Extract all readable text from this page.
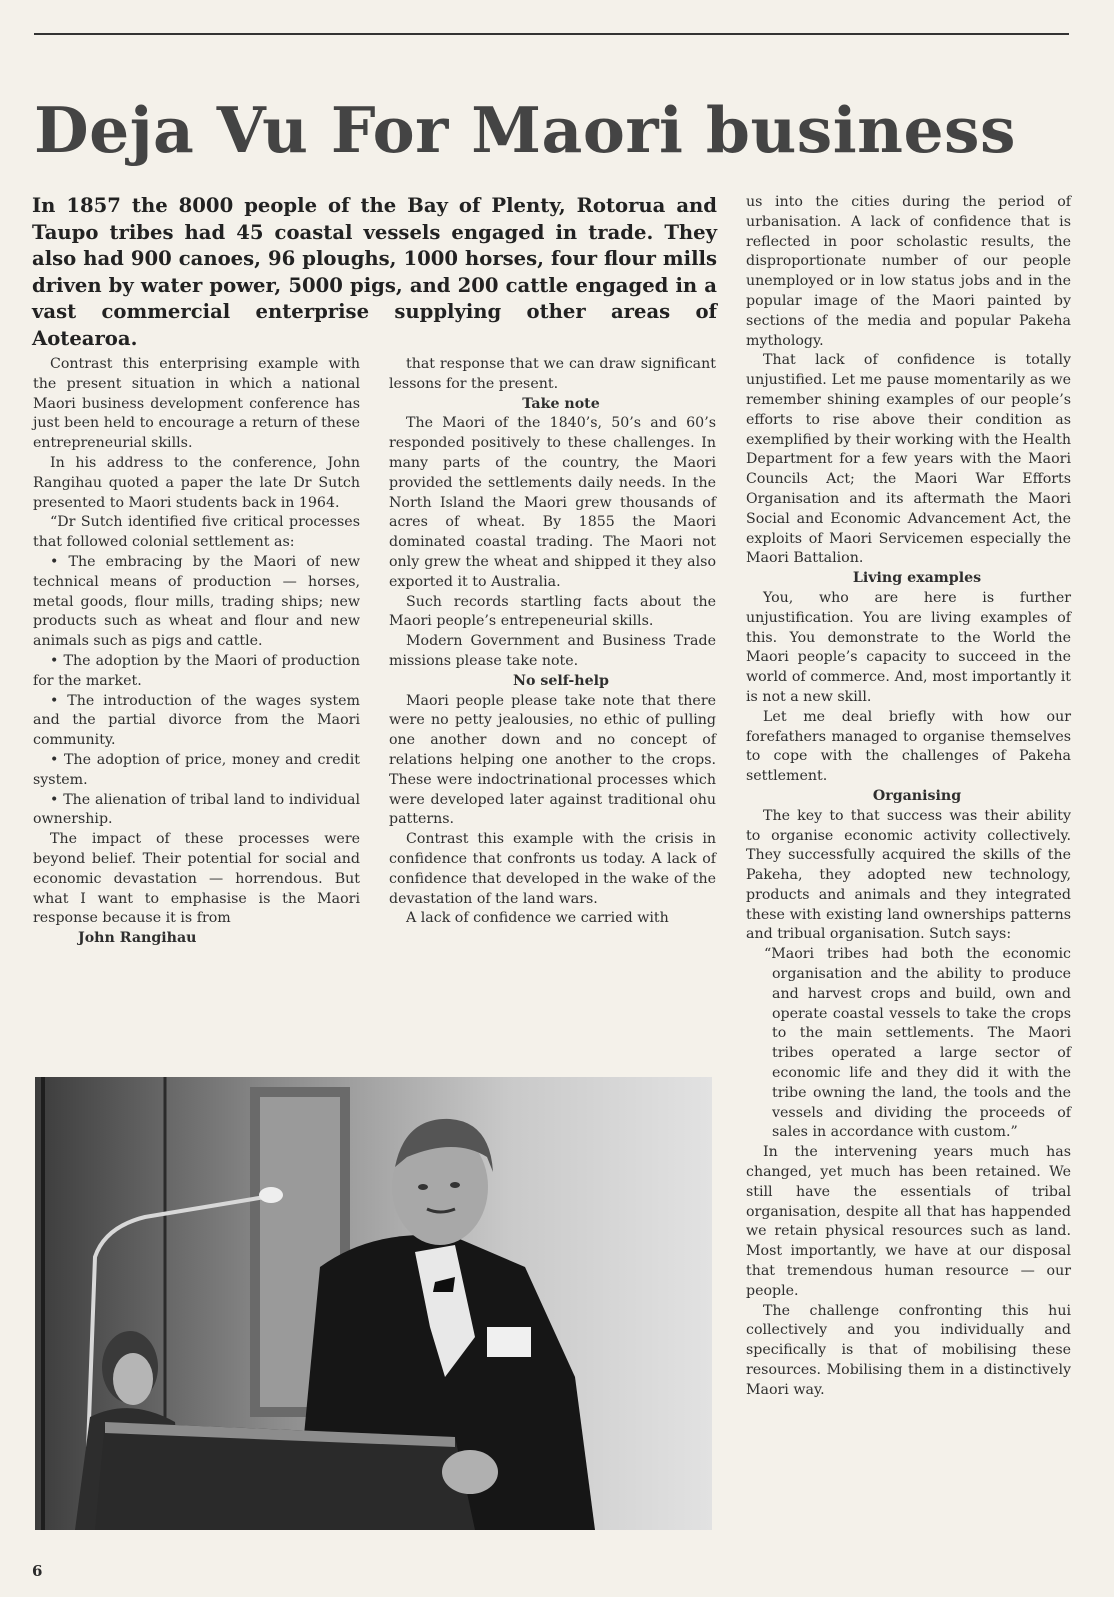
Deja Vu For Maori business

In 1857 the 8000 people of the Bay of Plenty, Rotorua and Taupo tribes had 45 coastal vessels engaged in trade. They also had 900 canoes, 96 ploughs, 1000 horses, four flour mills driven by water power, 5000 pigs, and 200 cattle engaged in a vast commercial enterprise supplying other areas of Aotearoa.

Contrast this enterprising example with the present situation in which a national Maori business development conference has just been held to encourage a return of these entrepreneurial skills.

In his address to the conference, John Rangihau quoted a paper the late Dr Sutch presented to Maori students back in 1964.

“Dr Sutch identified five critical processes that followed colonial settlement as:

• The embracing by the Maori of new technical means of production — horses, metal goods, flour mills, trading ships; new products such as wheat and flour and new animals such as pigs and cattle.

• The adoption by the Maori of production for the market.

• The introduction of the wages system and the partial divorce from the Maori community.

• The adoption of price, money and credit system.

• The alienation of tribal land to individual ownership.

The impact of these processes were beyond belief. Their potential for social and economic devastation — horrendous. But what I want to emphasise is the Maori response because it is from

John Rangihau

that response that we can draw significant lessons for the present.

Take note

The Maori of the 1840’s, 50’s and 60’s responded positively to these challenges. In many parts of the country, the Maori provided the settlements daily needs. In the North Island the Maori grew thousands of acres of wheat. By 1855 the Maori dominated coastal trading. The Maori not only grew the wheat and shipped it they also exported it to Australia.

Such records startling facts about the Maori people’s entrepeneurial skills.

Modern Government and Business Trade missions please take note.

No self-help

Maori people please take note that there were no petty jealousies, no ethic of pulling one another down and no concept of relations helping one another to the crops. These were indoctrinational processes which were developed later against traditional ohu patterns.

Contrast this example with the crisis in confidence that confronts us today. A lack of confidence that developed in the wake of the devastation of the land wars.

A lack of confidence we carried with

us into the cities during the period of urbanisation. A lack of confidence that is reflected in poor scholastic results, the disproportionate number of our people unemployed or in low status jobs and in the popular image of the Maori painted by sections of the media and popular Pakeha mythology.

That lack of confidence is totally unjustified. Let me pause momentarily as we remember shining examples of our people’s efforts to rise above their condition as exemplified by their working with the Health Department for a few years with the Maori Councils Act; the Maori War Efforts Organisation and its aftermath the Maori Social and Economic Advancement Act, the exploits of Maori Servicemen especially the Maori Battalion.

Living examples

You, who are here is further unjustification. You are living examples of this. You demonstrate to the World the Maori people’s capacity to succeed in the world of commerce. And, most importantly it is not a new skill.

Let me deal briefly with how our forefathers managed to organise themselves to cope with the challenges of Pakeha settlement.

Organising

The key to that success was their ability to organise economic activity collectively. They successfully acquired the skills of the Pakeha, they adopted new technology, products and animals and they integrated these with existing land ownerships patterns and tribual organisation. Sutch says:

“Maori tribes had both the economic organisation and the ability to produce and harvest crops and build, own and operate coastal vessels to take the crops to the main settlements. The Maori tribes operated a large sector of economic life and they did it with the tribe owning the land, the tools and the vessels and dividing the proceeds of sales in accordance with custom.”

In the intervening years much has changed, yet much has been retained. We still have the essentials of tribal organisation, despite all that has happended we retain physical resources such as land. Most importantly, we have at our disposal that tremendous human resource — our people.

The challenge confronting this hui collectively and you individually and specifically is that of mobilising these resources. Mobilising them in a distinctively Maori way.

6
